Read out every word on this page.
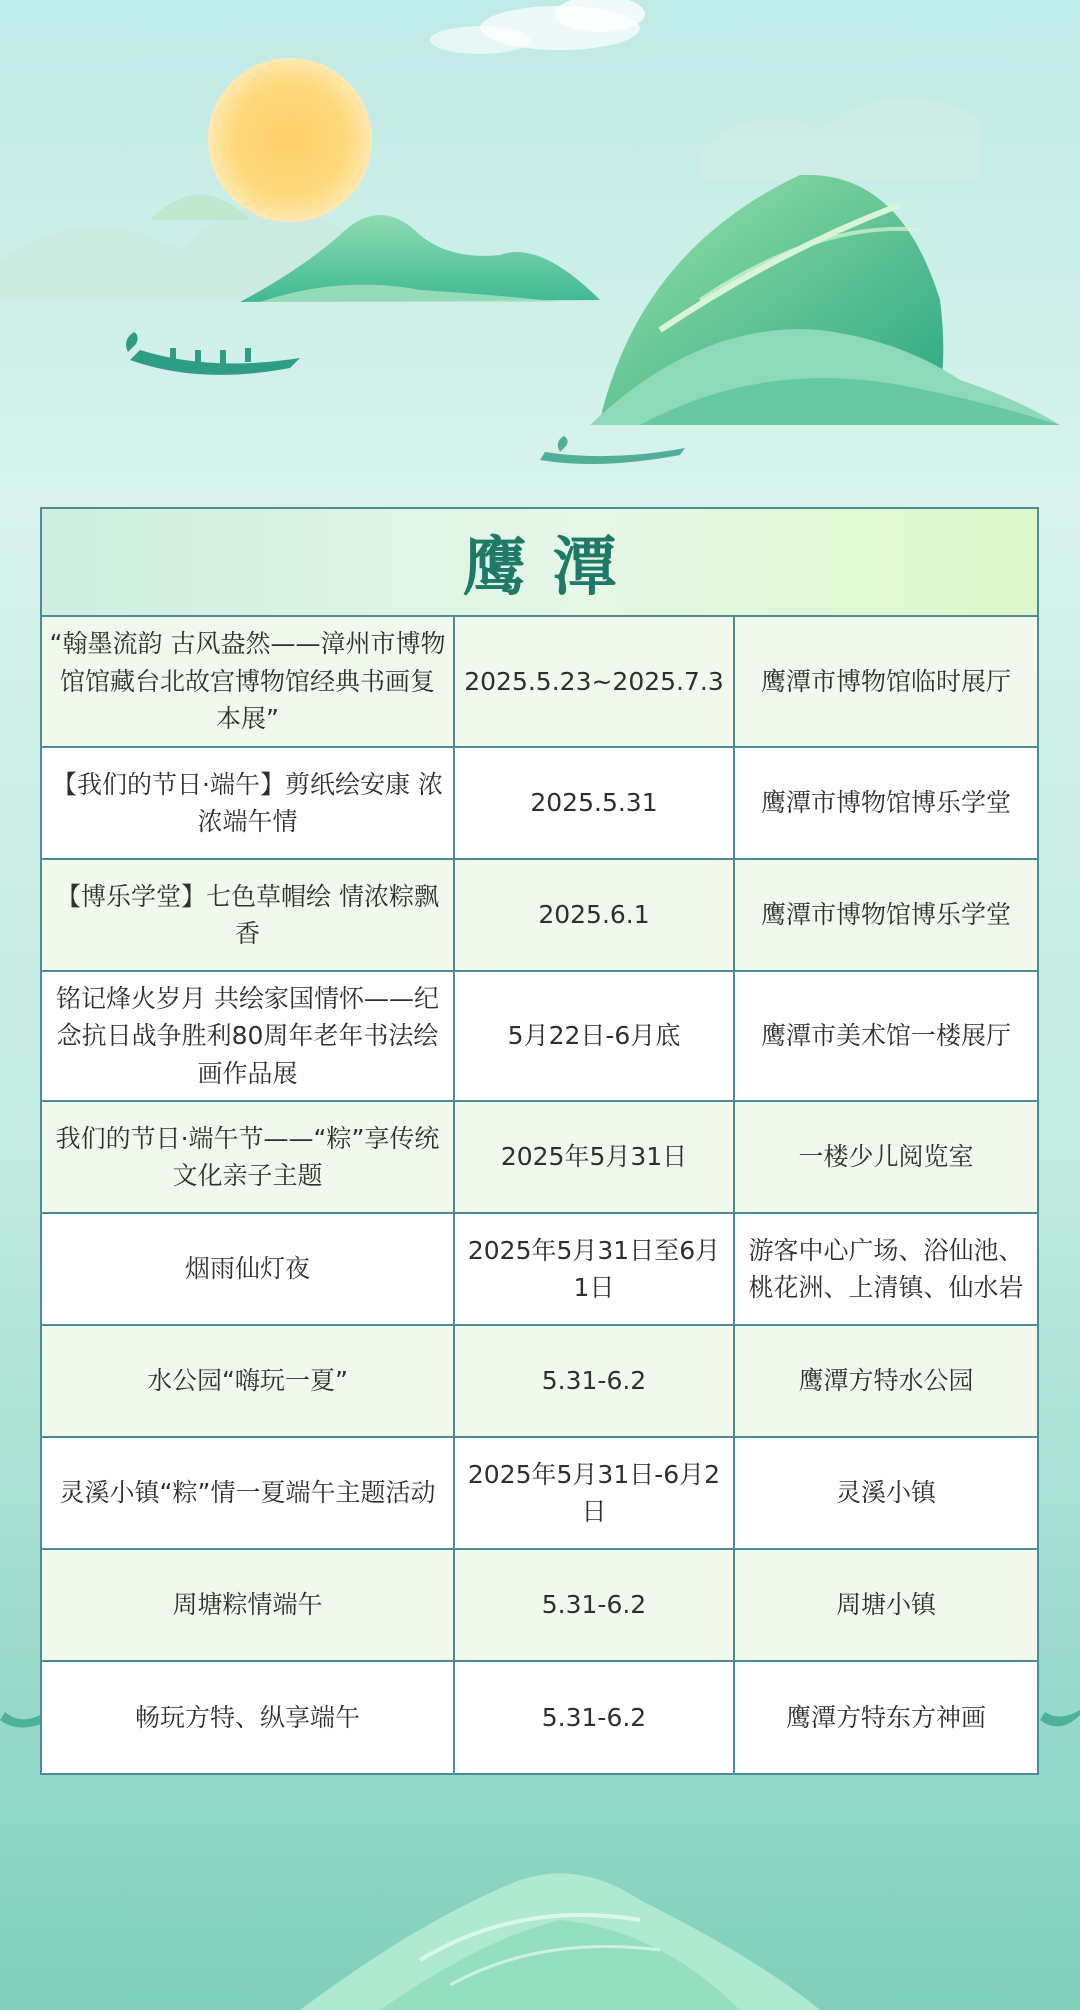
鹰潭
“翰墨流韵 古风盎然——漳州市博物馆馆藏台北故宫博物馆经典书画复本展”	2025.5.23~2025.7.3	鹰潭市博物馆临时展厅
【我们的节日·端午】剪纸绘安康 浓浓端午情	2025.5.31	鹰潭市博物馆博乐学堂
【博乐学堂】七色草帽绘 情浓粽飘香	2025.6.1	鹰潭市博物馆博乐学堂
铭记烽火岁月 共绘家国情怀——纪念抗日战争胜利80周年老年书法绘画作品展	5月22日-6月底	鹰潭市美术馆一楼展厅
我们的节日·端午节——“粽”享传统文化亲子主题	2025年5月31日	一楼少儿阅览室
烟雨仙灯夜	2025年5月31日至6月1日	游客中心广场、浴仙池、桃花洲、上清镇、仙水岩

水公园“嗨玩一夏”	5.31-6.2	鹰潭方特水公园
灵溪小镇“粽”情一夏端午主题活动	2025年5月31日-6月2日	灵溪小镇
周塘粽情端午	5.31-6.2	周塘小镇
畅玩方特、纵享端午	5.31-6.2	鹰潭方特东方神画
